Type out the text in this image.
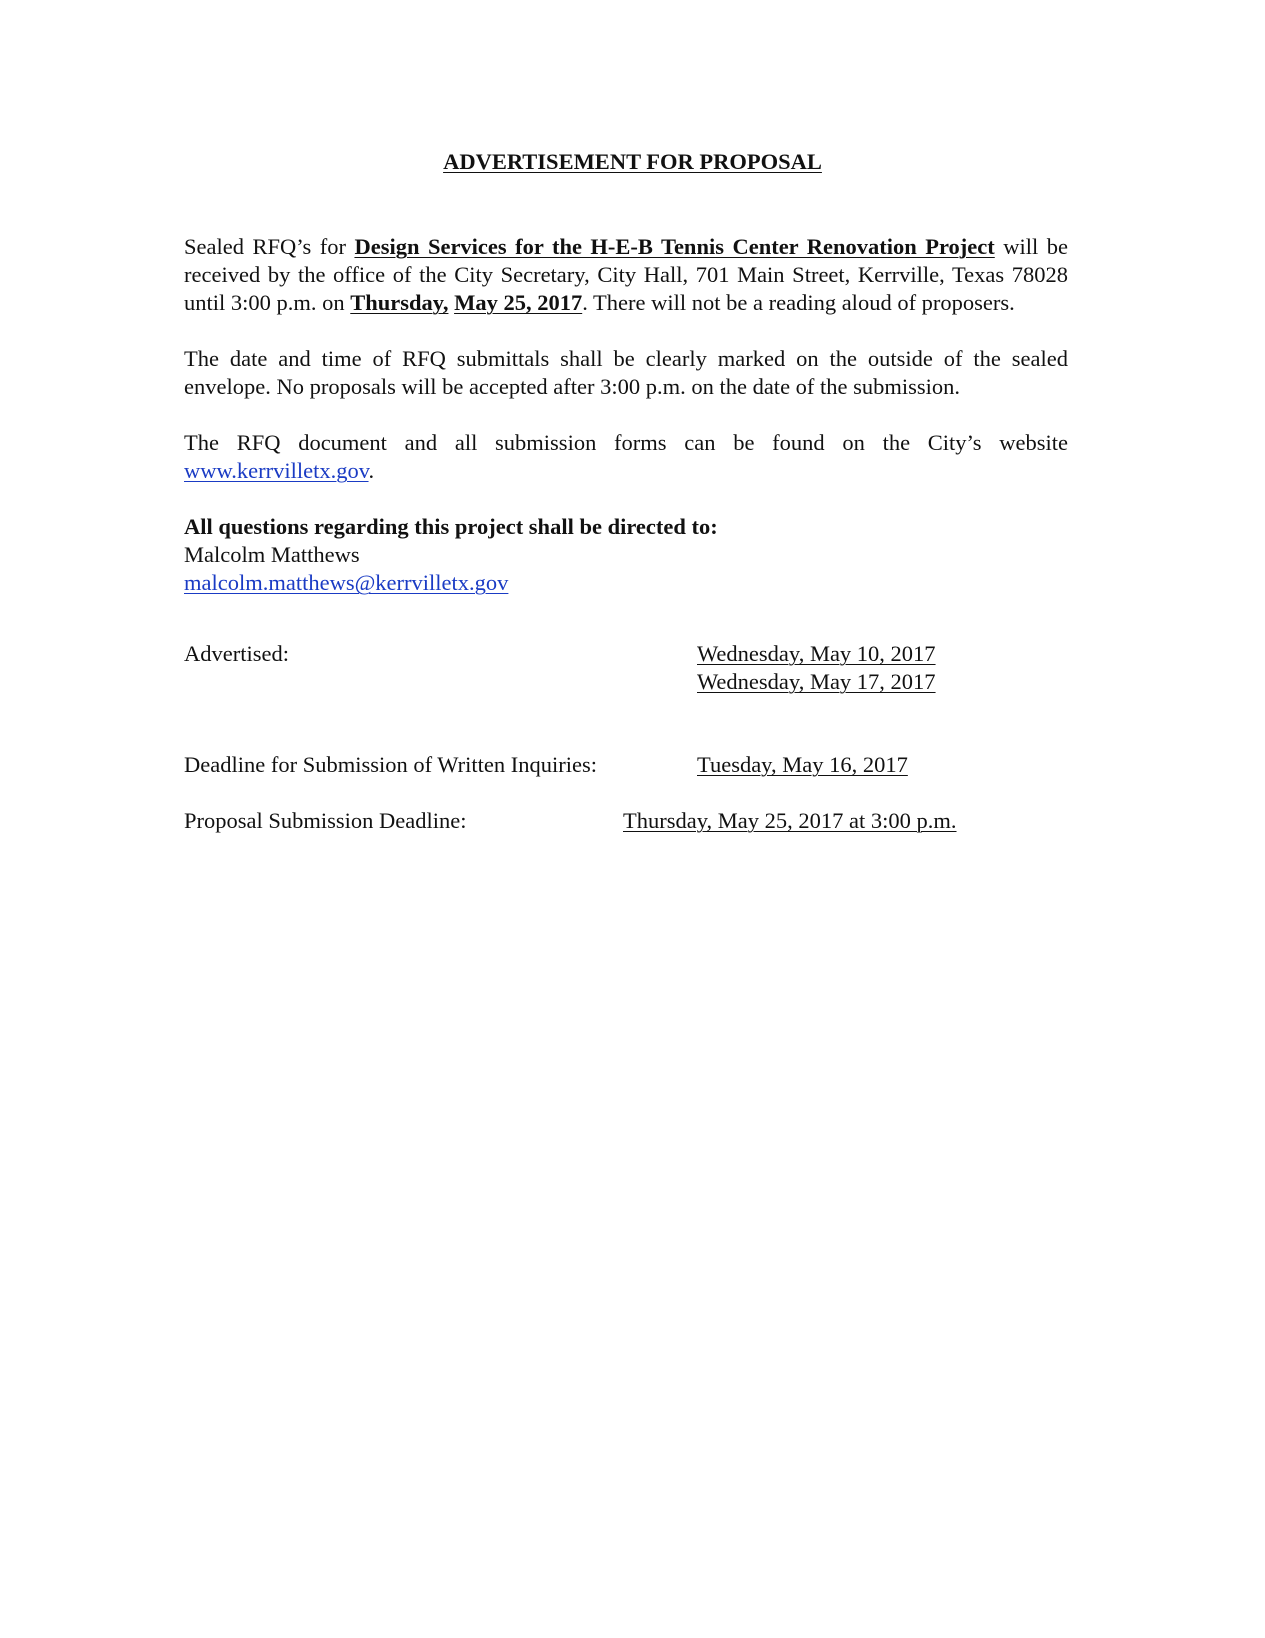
ADVERTISEMENT FOR PROPOSAL

Sealed RFQ’s for Design Services for the H-E-B Tennis Center Renovation Project will be received by the office of the City Secretary, City Hall, 701 Main Street, Kerrville, Texas 78028 until 3:00 p.m. on Thursday, May 25, 2017. There will not be a reading aloud of proposers.

The date and time of RFQ submittals shall be clearly marked on the outside of the sealed envelope. No proposals will be accepted after 3:00 p.m. on the date of the submission.

The RFQ document and all submission forms can be found on the City’s website www.kerrvilletx.gov.

All questions regarding this project shall be directed to:

Malcolm Matthews

malcolm.matthews@kerrvilletx.gov

Advertised:	Wednesday, May 10, 2017
Wednesday, May 17, 2017
Deadline for Submission of Written Inquiries:	Tuesday, May 16, 2017
Proposal Submission Deadline:	Thursday, May 25, 2017 at 3:00 p.m.
